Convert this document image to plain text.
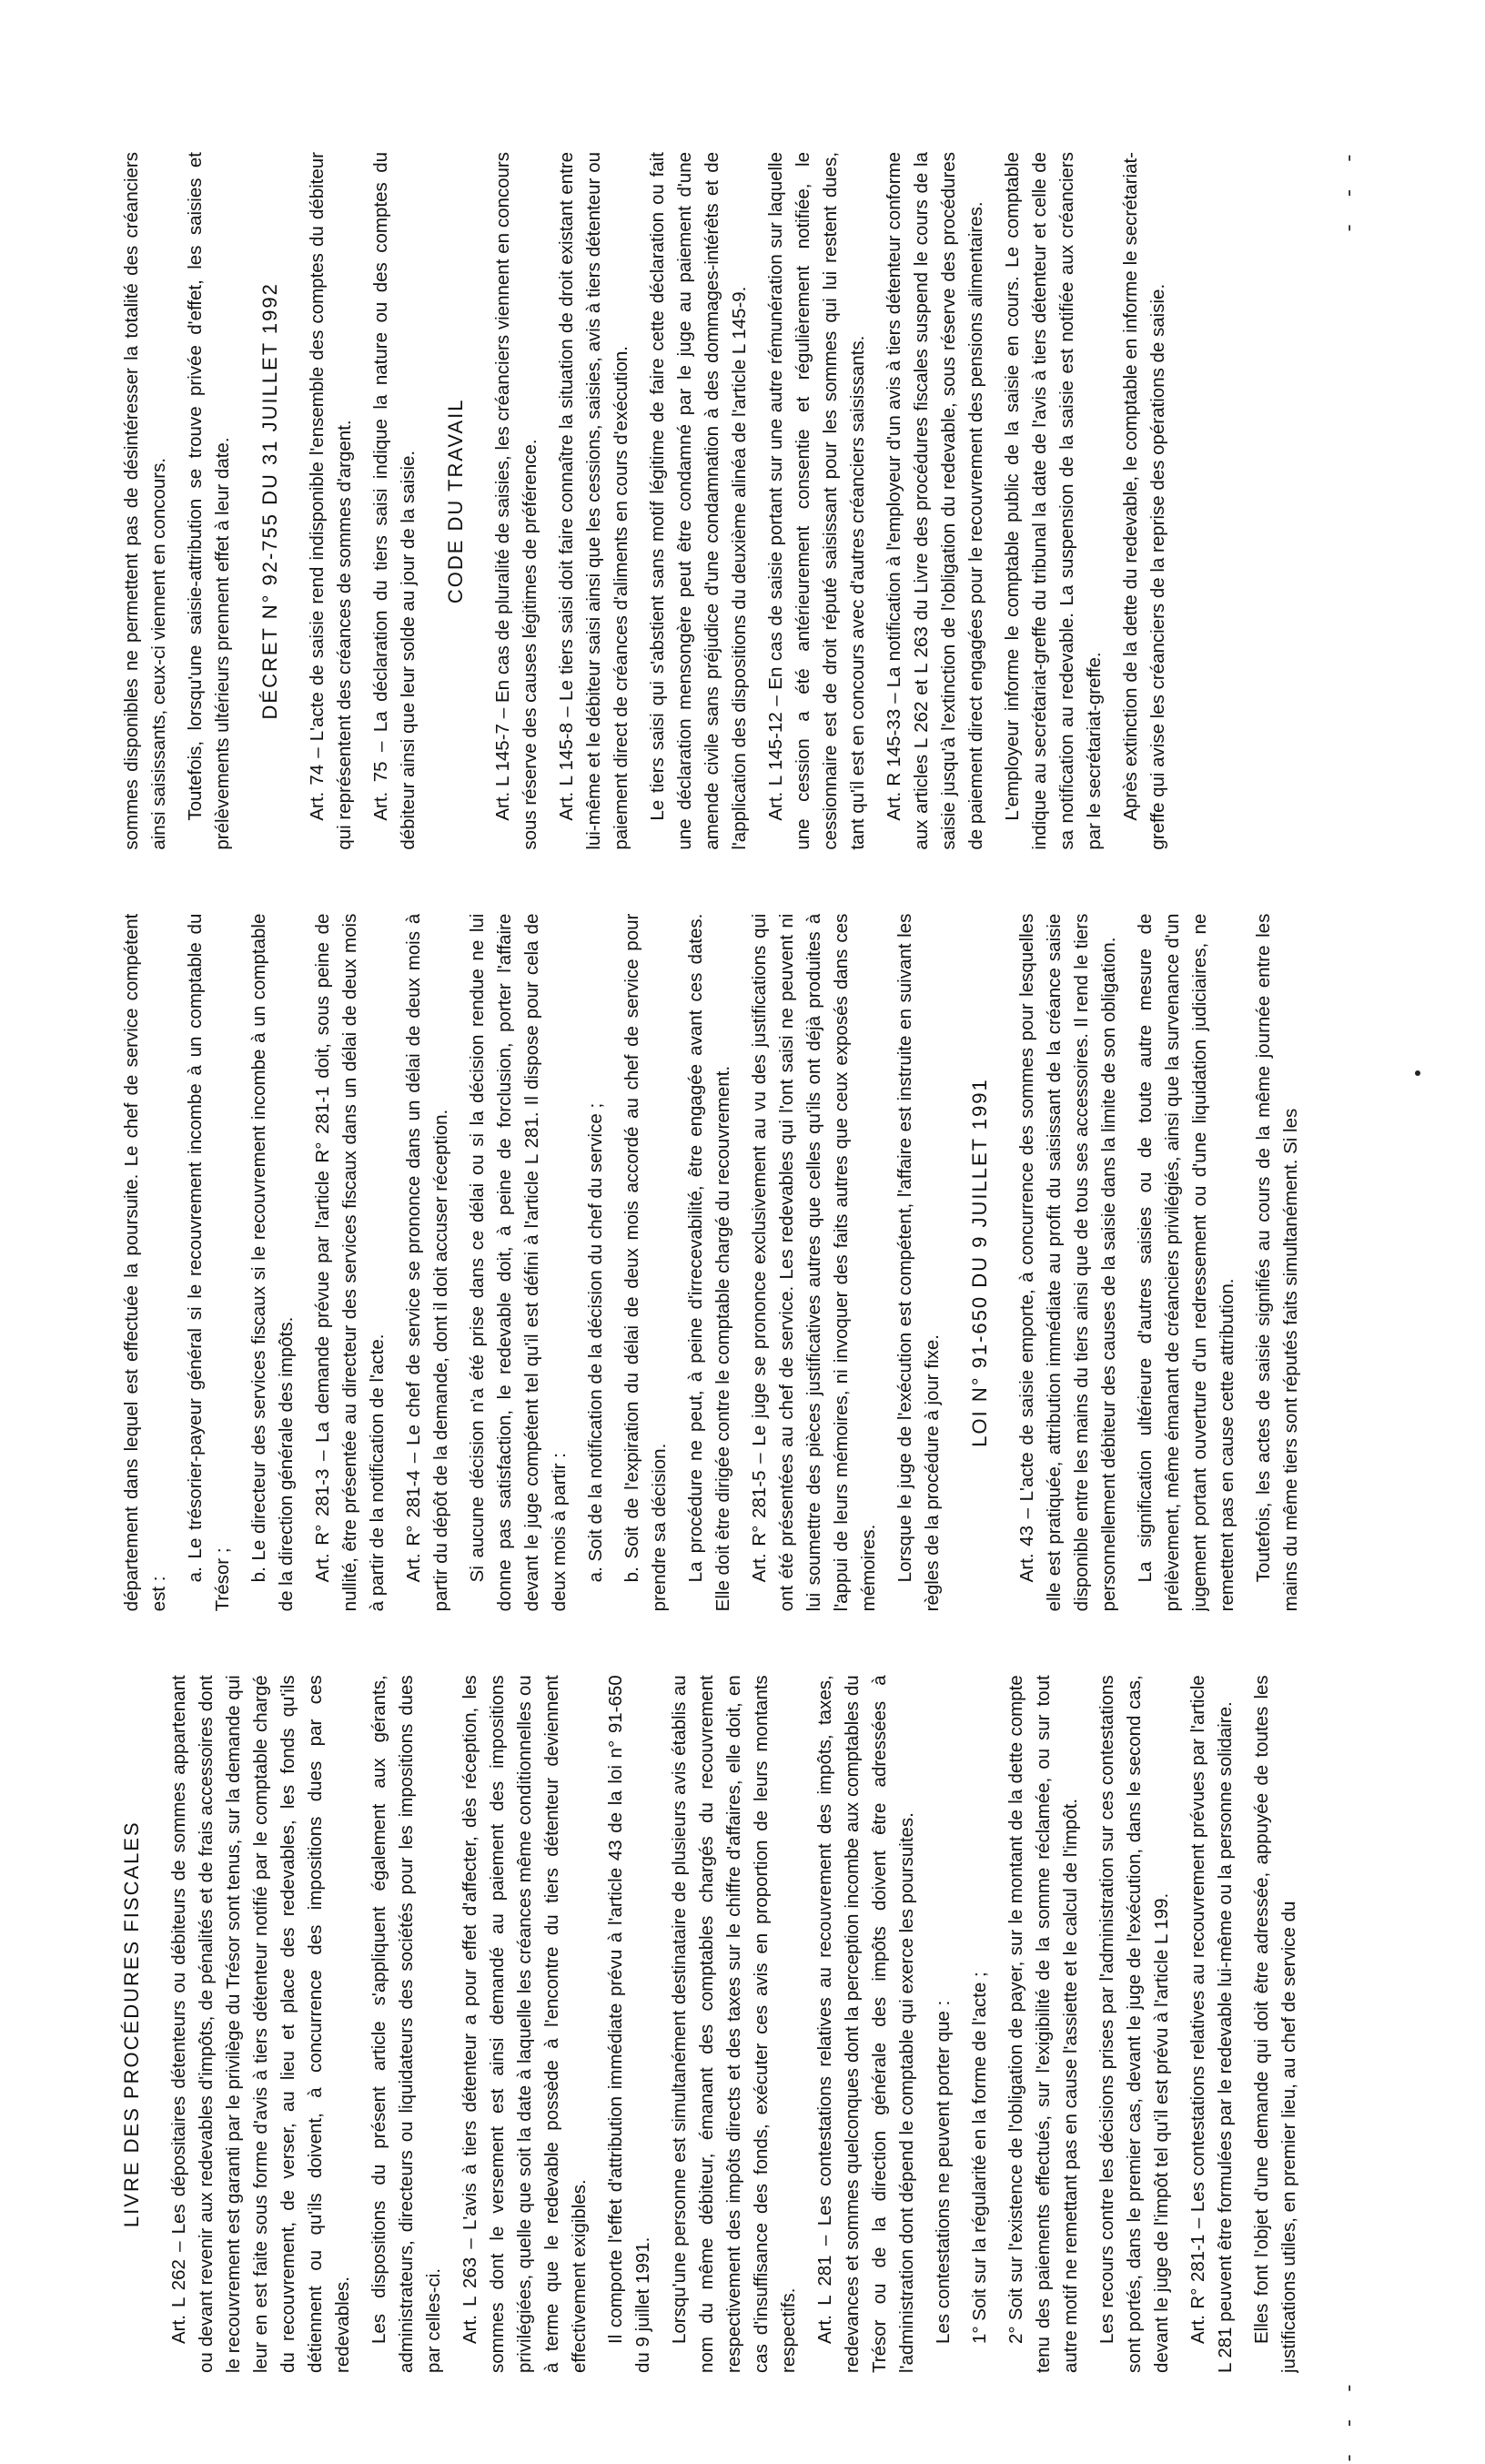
LIVRE DES PROCÉDURES FISCALES Art. L 262 – Les dépositaires détenteurs ou débiteurs de sommes appartenant ou devant revenir aux redevables d'impôts, de pénalités et de frais accessoires dont le recouvrement est garanti par le privilège du Trésor sont tenus, sur la demande qui leur en est faite sous forme d'avis à tiers détenteur notifié par le comptable chargé du recouvrement, de verser, au lieu et place des redevables, les fonds qu'ils détiennent ou qu'ils doivent, à concurrence des impositions dues par ces redevables. Les dispositions du présent article s'appliquent également aux gérants, administrateurs, directeurs ou liquidateurs des sociétés pour les impositions dues par celles-ci. Art. L 263 – L'avis à tiers détenteur a pour effet d'affecter, dès réception, les sommes dont le versement est ainsi demandé au paiement des impositions privilégiées, quelle que soit la date à laquelle les créances même conditionnelles ou à terme que le redevable possède à l'encontre du tiers détenteur deviennent effectivement exigibles. Il comporte l'effet d'attribution immédiate prévu à l'article 43 de la loi n° 91-650 du 9 juillet 1991. Lorsqu'une personne est simultanément destinataire de plusieurs avis établis au nom du même débiteur, émanant des comptables chargés du recouvrement respectivement des impôts directs et des taxes sur le chiffre d'affaires, elle doit, en cas d'insuffisance des fonds, exécuter ces avis en proportion de leurs montants respectifs. Art. L 281 – Les contestations relatives au recouvrement des impôts, taxes, redevances et sommes quelconques dont la perception incombe aux comptables du Trésor ou de la direction générale des impôts doivent être adressées à l'administration dont dépend le comptable qui exerce les poursuites. Les contestations ne peuvent porter que : 1° Soit sur la régularité en la forme de l'acte ; 2° Soit sur l'existence de l'obligation de payer, sur le montant de la dette compte tenu des paiements effectués, sur l'exigibilité de la somme réclamée, ou sur tout autre motif ne remettant pas en cause l'assiette et le calcul de l'impôt. Les recours contre les décisions prises par l'administration sur ces contestations sont portés, dans le premier cas, devant le juge de l'exécution, dans le second cas, devant le juge de l'impôt tel qu'il est prévu à l'article L 199. Art. R° 281-1 – Les contestations relatives au recouvrement prévues par l'article L 281 peuvent être formulées par le redevable lui-même ou la personne solidaire. Elles font l'objet d'une demande qui doit être adressée, appuyée de toutes les justifications utiles, en premier lieu, au chef de service du

département dans lequel est effectuée la poursuite. Le chef de service compétent est :

a. Le trésorier-payeur général si le recouvrement incombe à un comptable du Trésor ; b. Le directeur des services fiscaux si le recouvrement incombe à un comptable de la direction générale des impôts. Art. R° 281-3 – La demande prévue par l'article R° 281-1 doit, sous peine de nullité, être présentée au directeur des services fiscaux dans un délai de deux mois à partir de la notification de l'acte. Art. R° 281-4 – Le chef de service se prononce dans un délai de deux mois à partir du dépôt de la demande, dont il doit accuser réception. Si aucune décision n'a été prise dans ce délai ou si la décision rendue ne lui donne pas satisfaction, le redevable doit, à peine de forclusion, porter l'affaire devant le juge compétent tel qu'il est défini à l'article L 281. Il dispose pour cela de deux mois à partir : a. Soit de la notification de la décision du chef du service ; b. Soit de l'expiration du délai de deux mois accordé au chef de service pour prendre sa décision. La procédure ne peut, à peine d'irrecevabilité, être engagée avant ces dates. Elle doit être dirigée contre le comptable chargé du recouvrement. Art. R° 281-5 – Le juge se prononce exclusivement au vu des justifications qui ont été présentées au chef de service. Les redevables qui l'ont saisi ne peuvent ni lui soumettre des pièces justificatives autres que celles qu'ils ont déjà produites à l'appui de leurs mémoires, ni invoquer des faits autres que ceux exposés dans ces mémoires. Lorsque le juge de l'exécution est compétent, l'affaire est instruite en suivant les règles de la procédure à jour fixe.

LOI N° 91-650 DU 9 JUILLET 1991 Art. 43 – L'acte de saisie emporte, à concurrence des sommes pour lesquelles elle est pratiquée, attribution immédiate au profit du saisissant de la créance saisie disponible entre les mains du tiers ainsi que de tous ses accessoires. Il rend le tiers personnellement débiteur des causes de la saisie dans la limite de son obligation. La signification ultérieure d'autres saisies ou de toute autre mesure de prélèvement, même émanant de créanciers privilégiés, ainsi que la survenance d'un jugement portant ouverture d'un redressement ou d'une liquidation judiciaires, ne remettent pas en cause cette attribution. Toutefois, les actes de saisie signifiés au cours de la même journée entre les mains du même tiers sont réputés faits simultanément. Si les

sommes disponibles ne permettent pas de désintéresser la totalité des créanciers ainsi saisissants, ceux-ci viennent en concours. Toutefois, lorsqu'une saisie-attribution se trouve privée d'effet, les saisies et prélèvements ultérieurs prennent effet à leur date. DÉCRET N° 92-755 DU 31 JUILLET 1992 Art. 74 – L'acte de saisie rend indisponible l'ensemble des comptes du débiteur qui représentent des créances de sommes d'argent. Art. 75 – La déclaration du tiers saisi indique la nature ou des comptes du débiteur ainsi que leur solde au jour de la saisie. CODE DU TRAVAIL Art. L 145-7 – En cas de pluralité de saisies, les créanciers viennent en concours sous réserve des causes légitimes de préférence. Art. L 145-8 – Le tiers saisi doit faire connaître la situation de droit existant entre lui-même et le débiteur saisi ainsi que les cessions, saisies, avis à tiers détenteur ou paiement direct de créances d'aliments en cours d'exécution. Le tiers saisi qui s'abstient sans motif légitime de faire cette déclaration ou fait une déclaration mensongère peut être condamné par le juge au paiement d'une amende civile sans préjudice d'une condamnation à des dommages-intérêts et de l'application des dispositions du deuxième alinéa de l'article L 145-9. Art. L 145-12 – En cas de saisie portant sur une autre rémunération sur laquelle une cession a été antérieurement consentie et régulièrement notifiée, le cessionnaire est de droit réputé saisissant pour les sommes qui lui restent dues, tant qu'il est en concours avec d'autres créanciers saisissants. Art. R 145-33 – La notification à l'employeur d'un avis à tiers détenteur conforme aux articles L 262 et L 263 du Livre des procédures fiscales suspend le cours de la saisie jusqu'à l'extinction de l'obligation du redevable, sous réserve des procédures de paiement direct engagées pour le recouvrement des pensions alimentaires. L'employeur informe le comptable public de la saisie en cours. Le comptable indique au secrétariat-greffe du tribunal la date de l'avis à tiers détenteur et celle de sa notification au redevable. La suspension de la saisie est notifiée aux créanciers par le secrétariat-greffe. Après extinction de la dette du redevable, le comptable en informe le secrétariat-greffe qui avise les créanciers de la reprise des opérations de saisie.

- - -
- - -
